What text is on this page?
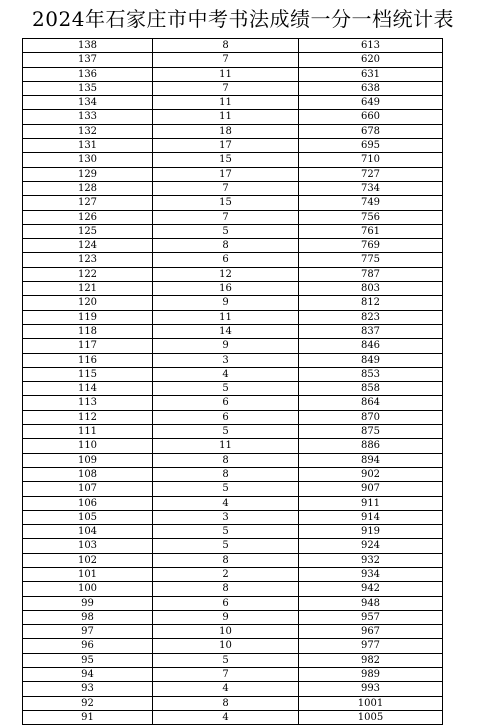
2024年石家庄市中考书法成绩一分一档统计表
138	8	613
137	7	620
136	11	631
135	7	638
134	11	649
133	11	660
132	18	678
131	17	695
130	15	710
129	17	727
128	7	734
127	15	749
126	7	756
125	5	761
124	8	769
123	6	775
122	12	787
121	16	803
120	9	812
119	11	823
118	14	837
117	9	846
116	3	849
115	4	853
114	5	858
113	6	864
112	6	870
111	5	875
110	11	886
109	8	894
108	8	902
107	5	907
106	4	911
105	3	914
104	5	919
103	5	924
102	8	932
101	2	934
100	8	942
99	6	948
98	9	957
97	10	967
96	10	977
95	5	982
94	7	989
93	4	993
92	8	1001
91	4	1005
